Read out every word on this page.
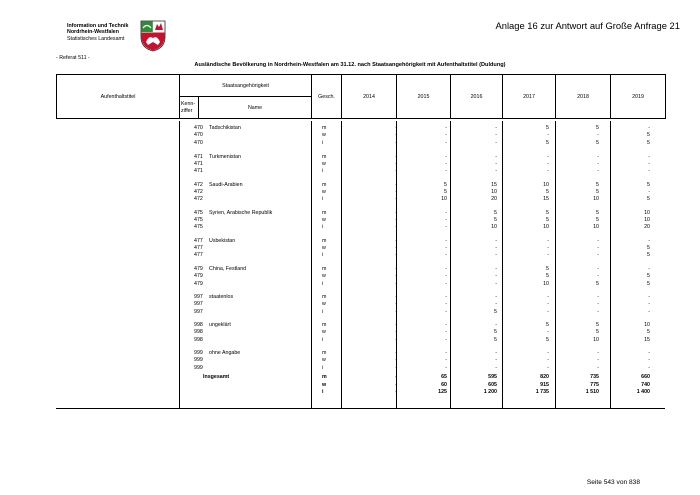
Information und Technik
Nordrhein-Westfalen
Statistisches Landesamt
Anlage 16 zur Antwort auf Große Anfrage 21
- Referat 511 -
Ausländische Bevölkerung in Nordrhein-Westfalen am 31.12. nach Staatsangehörigkeit mit Aufenthaltstitel (Duldung)
Aufenthaltstitel	Staatsangehörigkeit		Gesch.	2014	2015	2016	2017	2018	2019
	Kenn-ziffer	Name							
470 Tadschikistan	m	-	-	-	5	5	-
470	w	-	-	-	-	-	5
470	i	-	-	-	5	5	5
471 Turkmenistan	m	-	-	-	-	-	-
471	w	-	-	-	-	-	-
471	i	-	-	-	-	-	-
472 Saudi-Arabien	m	-	5	15	10	5	5
472	w	-	5	10	5	5	-
472	i	-	10	20	15	10	5
475 Syrien, Arabische Republik	m	-	-	5	5	5	10
475	w	-	-	5	5	5	10
475	i	-	-	10	10	10	20
477 Usbekistan	m	-	-	-	-	-	-
477	w	-	-	-	-	-	5
477	i	-	-	-	-	-	5
479 China, Festland	m	-	-	-	5	-	-
479	w	-	-	-	5	-	5
479	i	-	-	-	10	5	5
997 staatenlos	m	-	-	-	-	-	-
997	w	-	-	-	-	-	-
997	i	-	-	5	-	-	-
998 ungeklärt	m	-	-	-	5	5	10
998	w	-	-	5	-	5	5
998	i	-	-	5	5	10	15
999 ohne Angabe	m	-	-	-	-	-	-
999	w	-	-	-	-	-	-
999	i	-	-	-	-	-	-
Insgesamt	m	-	65	595	820	735	660
w	-	60	605	915	775	740
i	-	125	1 200	1 735	1 510	1 400
Seite 543 von 838
